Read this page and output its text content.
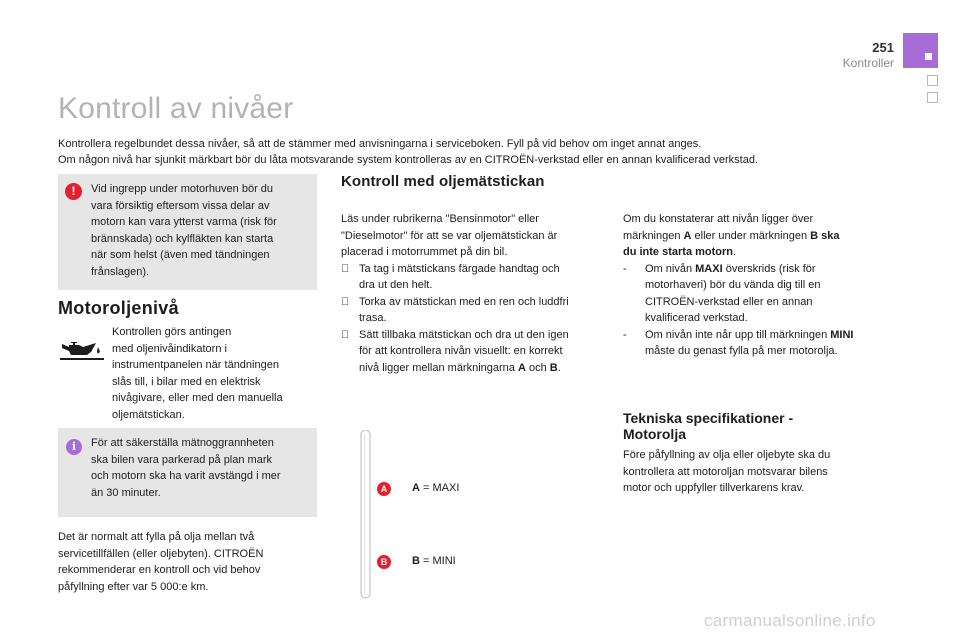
251
Kontroller
Kontroll av nivåer

Kontrollera regelbundet dessa nivåer, så att de stämmer med anvisningarna i serviceboken. Fyll på vid behov om inget annat anges.

Om någon nivå har sjunkit märkbart bör du låta motsvarande system kontrolleras av en CITROËN-verkstad eller en annan kvalificerad verkstad.

!	Vid ingrepp under motorhuven bör du
vara försiktig eftersom vissa delar av
motorn kan vara ytterst varma (risk för
brännskada) och kylfläkten kan starta
när som helst (även med tändningen
frånslagen).
Motoroljenivå
Kontrollen görs antingen
med oljenivåindikatorn i
instrumentpanelen när tändningen
slås till, i bilar med en elektrisk
nivågivare, eller med den manuella
oljemätstickan.
i	För att säkerställa mätnoggrannheten
ska bilen vara parkerad på plan mark
och motorn ska ha varit avstängd i mer
än 30 minuter.
Det är normalt att fylla på olja mellan två
servicetillfällen (eller oljebyten). CITROËN
rekommenderar en kontroll och vid behov
påfyllning efter var 5 000:e km.
Kontroll med oljemätstickan
Läs under rubrikerna "Bensinmotor" eller
"Dieselmotor" för att se var oljemätstickan är
placerad i motorrummet på din bil.
Ta tag i mätstickans färgade handtag och
dra ut den helt.
Torka av mätstickan med en ren och luddfri
trasa.
Sätt tillbaka mätstickan och dra ut den igen
för att kontrollera nivån visuellt: en korrekt
nivå ligger mellan märkningarna A och B.
Om du konstaterar att nivån ligger över
märkningen A eller under märkningen B ska
du inte starta motorn.
- Om nivån MAXI överskrids (risk för
motorhaveri) bör du vända dig till en
CITROËN-verkstad eller en annan
kvalificerad verkstad.
- Om nivån inte når upp till märkningen MINI
måste du genast fylla på mer motorolja.
A
B
A = MAXI
B = MINI
Tekniska specifikationer -
Motorolja
Före påfyllning av olja eller oljebyte ska du
kontrollera att motoroljan motsvarar bilens
motor och uppfyller tillverkarens krav.
carmanualsonline.info
